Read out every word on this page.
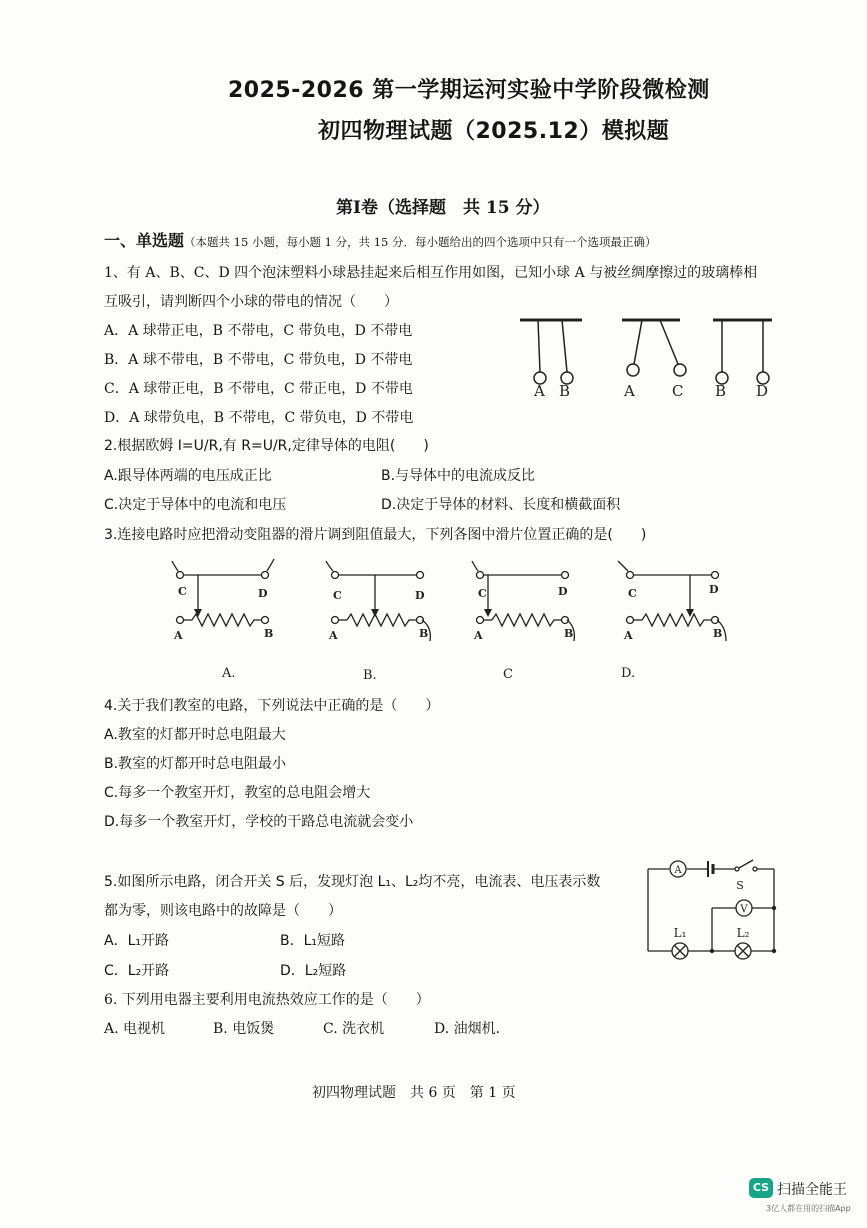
2025-2026 第一学期运河实验中学阶段微检测
初四物理试题（2025.12）模拟题
第Ⅰ卷（选择题　共 15 分）
一、单选题（本题共 15 小题，每小题 1 分，共 15 分．每小题给出的四个选项中只有一个选项最正确）
1、有 A、B、C、D 四个泡沫塑料小球悬挂起来后相互作用如图，已知小球 A 与被丝绸摩擦过的玻璃棒相
互吸引，请判断四个小球的带电的情况（　　）
A．A 球带正电，B 不带电，C 带负电，D 不带电
B．A 球不带电，B 不带电，C 带负电，D 不带电
C．A 球带正电，B 不带电，C 带正电，D 不带电
D．A 球带负电，B 不带电，C 带负电，D 不带电
A B	A C B D
2.根据欧姆 I=U/R,有 R=U/R,定律导体的电阻(　　)
A.跟导体两端的电压成正比	B.与导体中的电流成反比
C.决定于导体中的电流和电压	D.决定于导体的材料、长度和横截面积
3.连接电路时应把滑动变阻器的滑片调到阻值最大，下列各图中滑片位置正确的是(　　)
C	D
A	B
C	D
A	B
C	D
A	B
C	D
A	B
A.	B.	C	D.
4.关于我们教室的电路，下列说法中正确的是（　　）
A.教室的灯都开时总电阻最大
B.教室的灯都开时总电阻最小
C.每多一个教室开灯，教室的总电阻会增大
D.每多一个教室开灯，学校的干路总电流就会变小
5.如图所示电路，闭合开关 S 后，发现灯泡 L₁、L₂均不亮，电流表、电压表示数
都为零，则该电路中的故障是（　　）
A．L₁开路	B．L₁短路
C．L₂开路	D．L₂短路
A
V
S
L₁	L₂
6. 下列用电器主要利用电流热效应工作的是（　　）
A. 电视机	B. 电饭煲	C. 洗衣机	D. 油烟机．
初四物理试题　共 6 页　第 1 页
CS 扫描全能王
3亿人都在用的扫描App
